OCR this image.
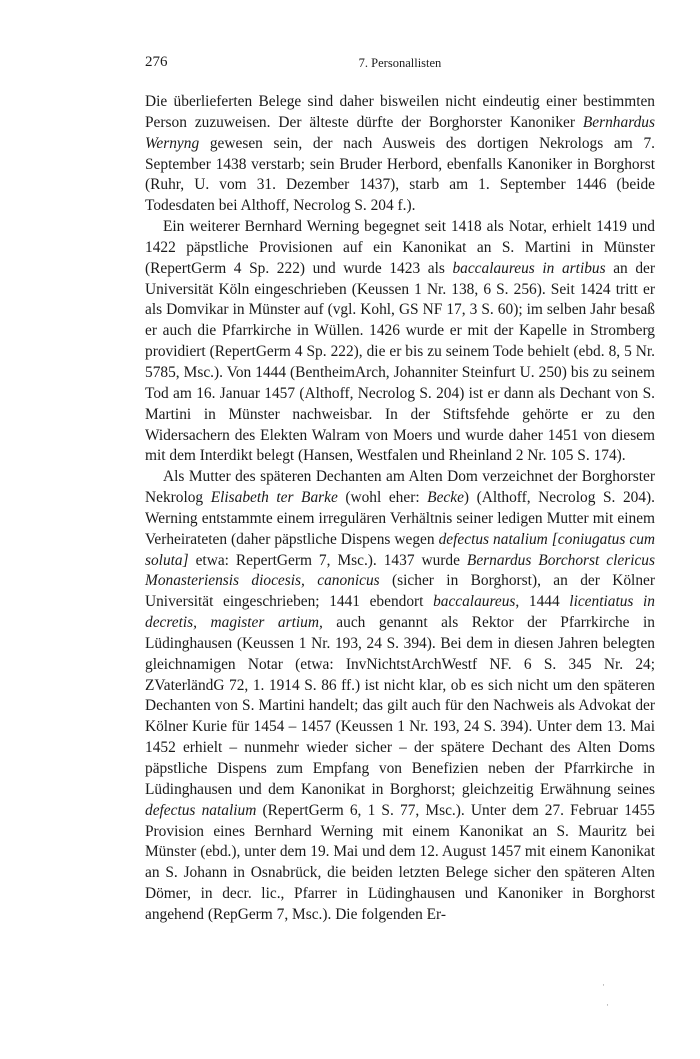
276	7. Personallisten

Die überlieferten Belege sind daher bisweilen nicht eindeutig einer bestimmten Person zuzuweisen. Der älteste dürfte der Borghorster Kanoniker Bernhardus Wernyng gewesen sein, der nach Ausweis des dortigen Nekrologs am 7. September 1438 verstarb; sein Bruder Herbord, ebenfalls Kanoniker in Borghorst (Ruhr, U. vom 31. Dezember 1437), starb am 1. September 1446 (beide Todesdaten bei Althoff, Necrolog S. 204 f.).

Ein weiterer Bernhard Werning begegnet seit 1418 als Notar, erhielt 1419 und 1422 päpstliche Provisionen auf ein Kanonikat an S. Martini in Münster (RepertGerm 4 Sp. 222) und wurde 1423 als baccalaureus in artibus an der Universität Köln eingeschrieben (Keussen 1 Nr. 138, 6 S. 256). Seit 1424 tritt er als Domvikar in Münster auf (vgl. Kohl, GS NF 17, 3 S. 60); im selben Jahr besaß er auch die Pfarrkirche in Wüllen. 1426 wurde er mit der Kapelle in Stromberg providiert (RepertGerm 4 Sp. 222), die er bis zu seinem Tode behielt (ebd. 8, 5 Nr. 5785, Msc.). Von 1444 (BentheimArch, Johanniter Steinfurt U. 250) bis zu seinem Tod am 16. Januar 1457 (Althoff, Necrolog S. 204) ist er dann als Dechant von S. Martini in Münster nachweisbar. In der Stiftsfehde gehörte er zu den Widersachern des Elekten Walram von Moers und wurde daher 1451 von diesem mit dem Interdikt belegt (Hansen, Westfalen und Rheinland 2 Nr. 105 S. 174).

Als Mutter des späteren Dechanten am Alten Dom verzeichnet der Borghorster Nekrolog Elisabeth ter Barke (wohl eher: Becke) (Althoff, Necrolog S. 204). Werning entstammte einem irregulären Verhältnis seiner ledigen Mutter mit einem Verheirateten (daher päpstliche Dispens wegen defectus natalium [coniugatus cum soluta] etwa: RepertGerm 7, Msc.). 1437 wurde Bernardus Borchorst clericus Monasteriensis diocesis, canonicus (sicher in Borghorst), an der Kölner Universität eingeschrieben; 1441 ebendort baccalaureus, 1444 licentiatus in decretis, magister artium, auch genannt als Rektor der Pfarrkirche in Lüdinghausen (Keussen 1 Nr. 193, 24 S. 394). Bei dem in diesen Jahren belegten gleichnamigen Notar (etwa: InvNichtstArchWestf NF. 6 S. 345 Nr. 24; ZVaterländG 72, 1. 1914 S. 86 ff.) ist nicht klar, ob es sich nicht um den späteren Dechanten von S. Martini handelt; das gilt auch für den Nachweis als Advokat der Kölner Kurie für 1454 – 1457 (Keussen 1 Nr. 193, 24 S. 394). Unter dem 13. Mai 1452 erhielt – nunmehr wieder sicher – der spätere Dechant des Alten Doms päpstliche Dispens zum Empfang von Benefizien neben der Pfarrkirche in Lüdinghausen und dem Kanonikat in Borghorst; gleichzeitig Erwähnung seines defectus natalium (RepertGerm 6, 1 S. 77, Msc.). Unter dem 27. Februar 1455 Provision eines Bernhard Werning mit einem Kanonikat an S. Mauritz bei Münster (ebd.), unter dem 19. Mai und dem 12. August 1457 mit einem Kanonikat an S. Johann in Osnabrück, die beiden letzten Belege sicher den späteren Alten Dömer, in decr. lic., Pfarrer in Lüdinghausen und Kanoniker in Borghorst angehend (RepGerm 7, Msc.). Die folgenden Er-

·
·
